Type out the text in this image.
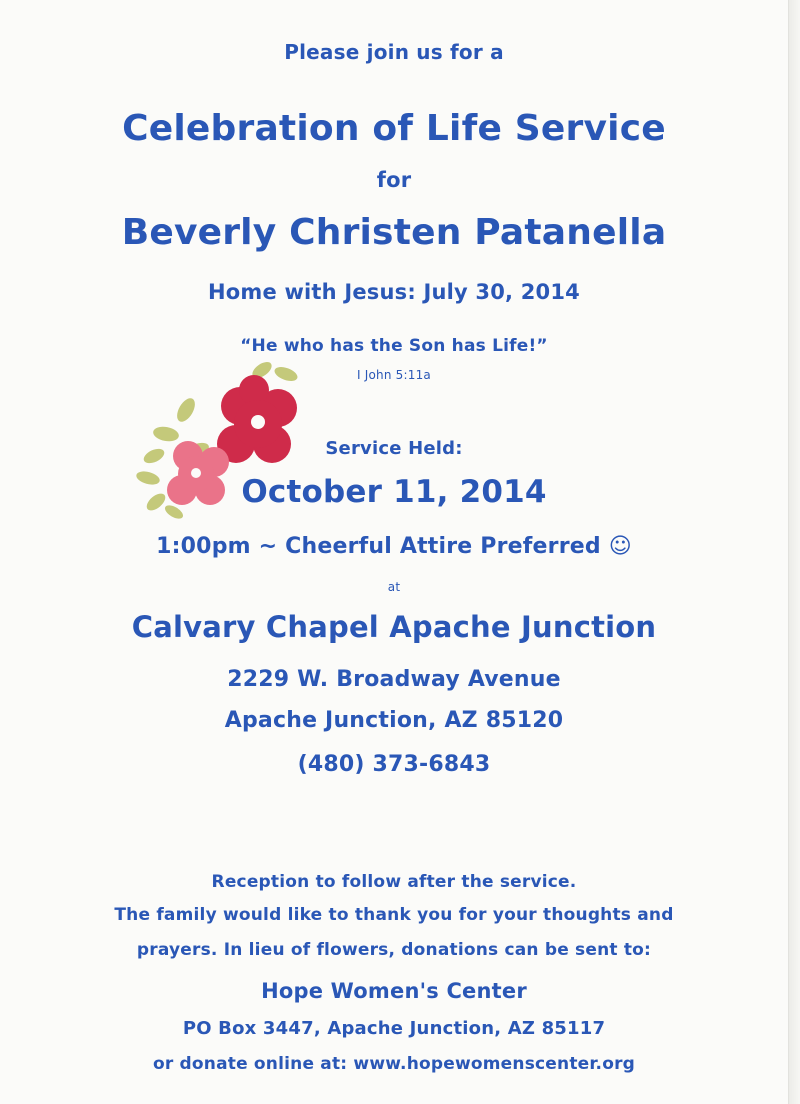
Please join us for a
Celebration of Life Service
for
Beverly Christen Patanella
Home with Jesus: July 30, 2014
“He who has the Son has Life!”
I John 5:11a
Service Held:
October 11, 2014
1:00pm ~ Cheerful Attire Preferred ☺
at
Calvary Chapel Apache Junction
2229 W. Broadway Avenue
Apache Junction, AZ 85120
(480) 373-6843
Reception to follow after the service.
The family would like to thank you for your thoughts and
prayers. In lieu of flowers, donations can be sent to:
Hope Women's Center
PO Box 3447, Apache Junction, AZ 85117
or donate online at: www.hopewomenscenter.org
